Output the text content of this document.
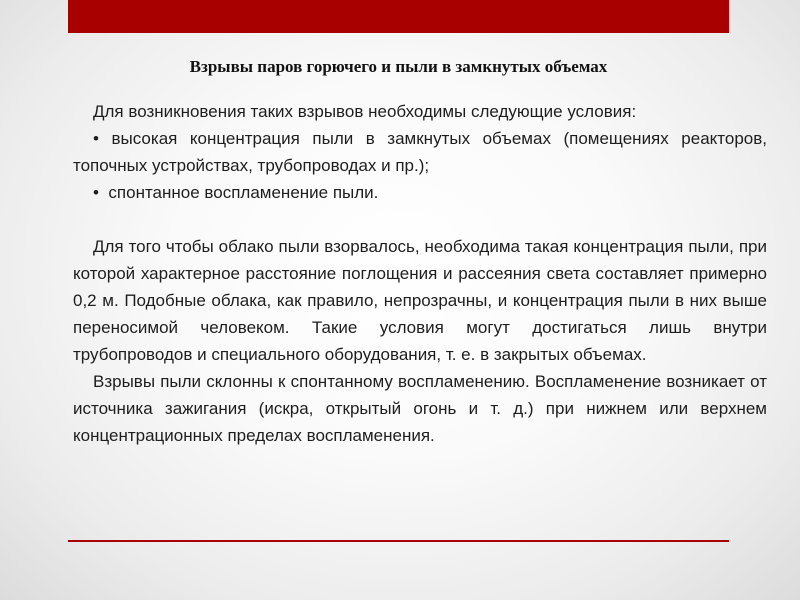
Взрывы паров горючего и пыли в замкнутых объемах

Для возникновения таких взрывов необходимы следующие условия:

• высокая концентрация пыли в замкнутых объемах (помещениях реакторов, топочных устройствах, трубопроводах и пр.);

• спонтанное воспламенение пыли.

Для того чтобы облако пыли взорвалось, необходима такая концентрация пыли, при которой характерное расстояние поглощения и рассеяния света составляет примерно 0,2 м. Подобные облака, как правило, непрозрачны, и концентрация пыли в них выше переносимой человеком. Такие условия могут достигаться лишь внутри трубопроводов и специального оборудования, т. е. в закрытых объемах.

Взрывы пыли склонны к спонтанному воспламенению. Воспламенение возникает от источника зажигания (искра, открытый огонь и т. д.) при нижнем или верхнем концентрационных пределах воспламенения.
